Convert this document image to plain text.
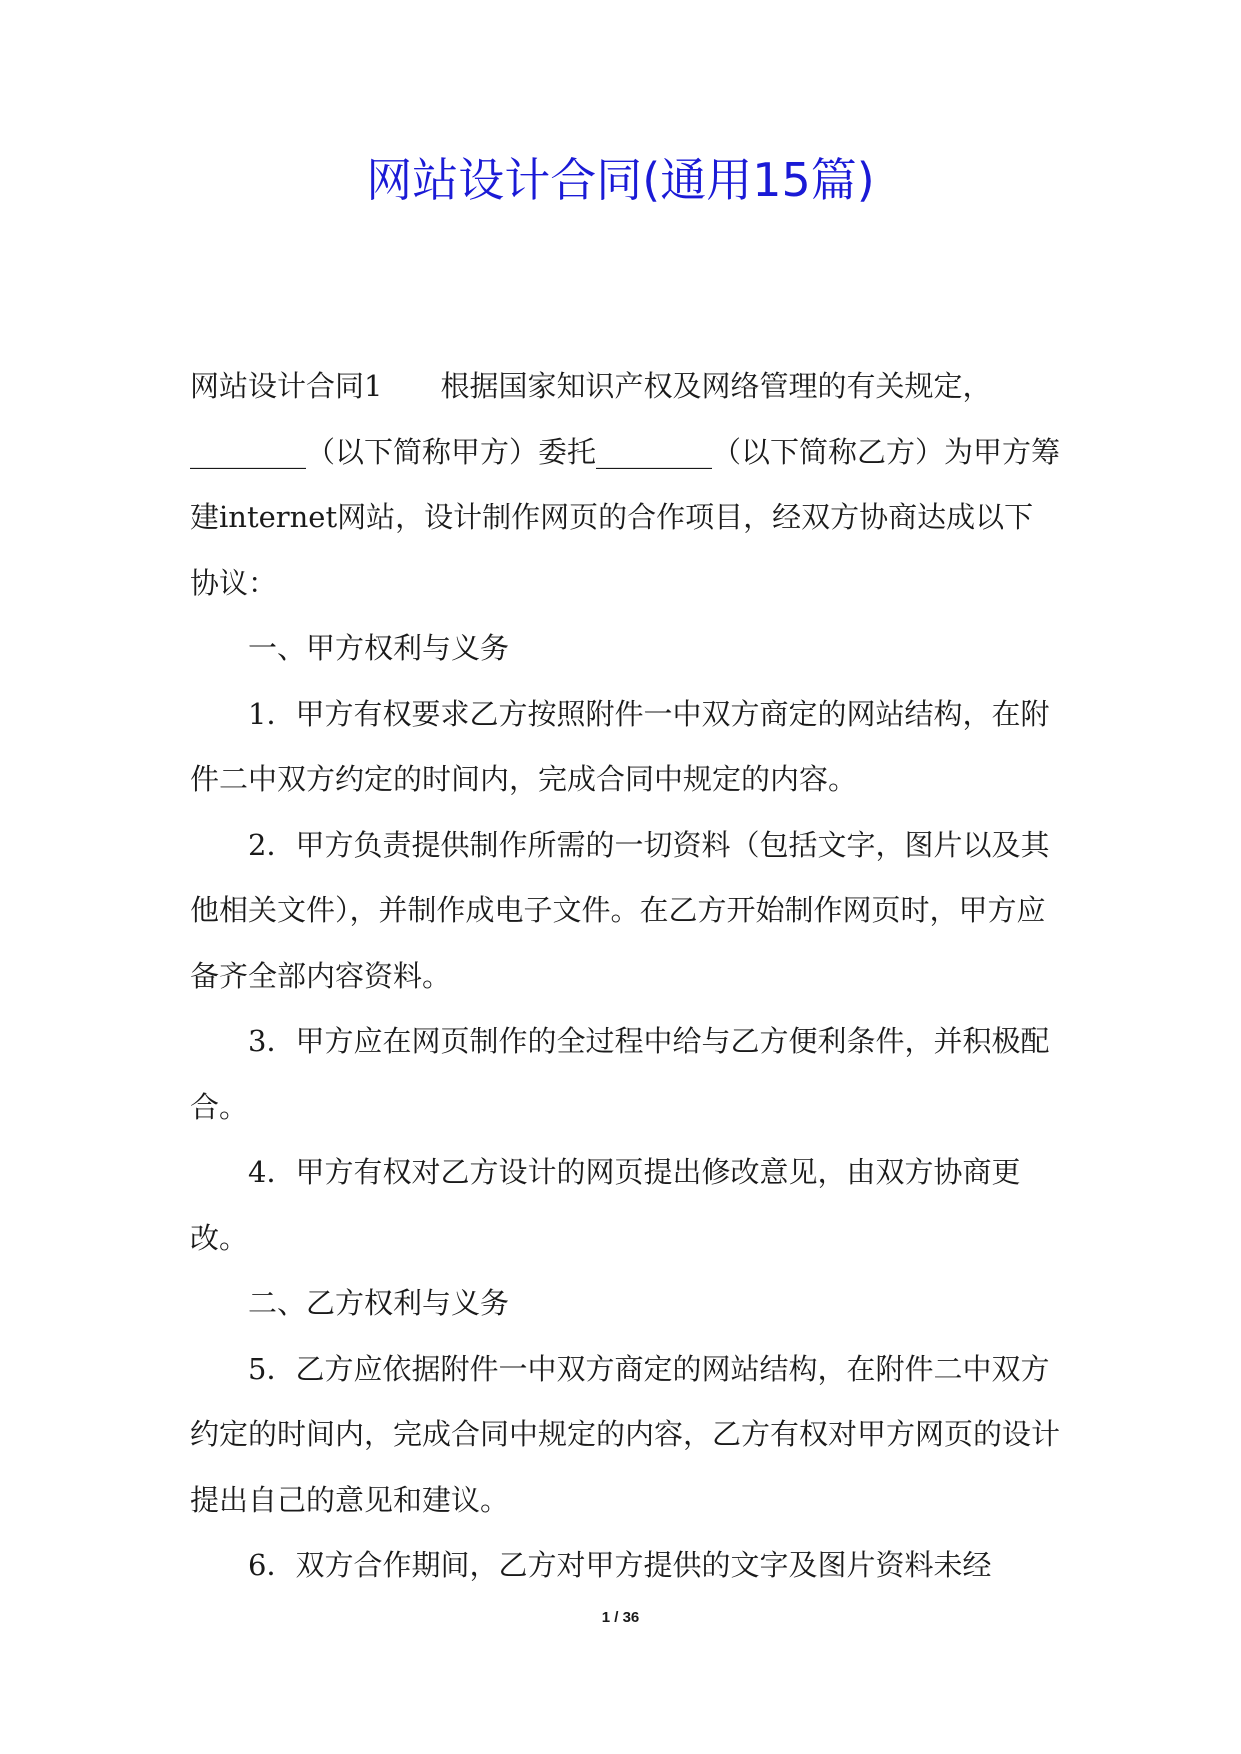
网站设计合同(通用15篇)

网站设计合同1 根据国家知识产权及网络管理的有关规定，________（以下简称甲方）委托________（以下简称乙方）为甲方筹建internet网站，设计制作网页的合作项目，经双方协商达成以下协议：

一、甲方权利与义务

1．甲方有权要求乙方按照附件一中双方商定的网站结构，在附件二中双方约定的时间内，完成合同中规定的内容。

2．甲方负责提供制作所需的一切资料（包括文字，图片以及其他相关文件），并制作成电子文件。在乙方开始制作网页时，甲方应备齐全部内容资料。

3．甲方应在网页制作的全过程中给与乙方便利条件，并积极配合。

4．甲方有权对乙方设计的网页提出修改意见，由双方协商更改。

二、乙方权利与义务

5．乙方应依据附件一中双方商定的网站结构，在附件二中双方约定的时间内，完成合同中规定的内容，乙方有权对甲方网页的设计提出自己的意见和建议。

6．双方合作期间，乙方对甲方提供的文字及图片资料未经

1 / 36
